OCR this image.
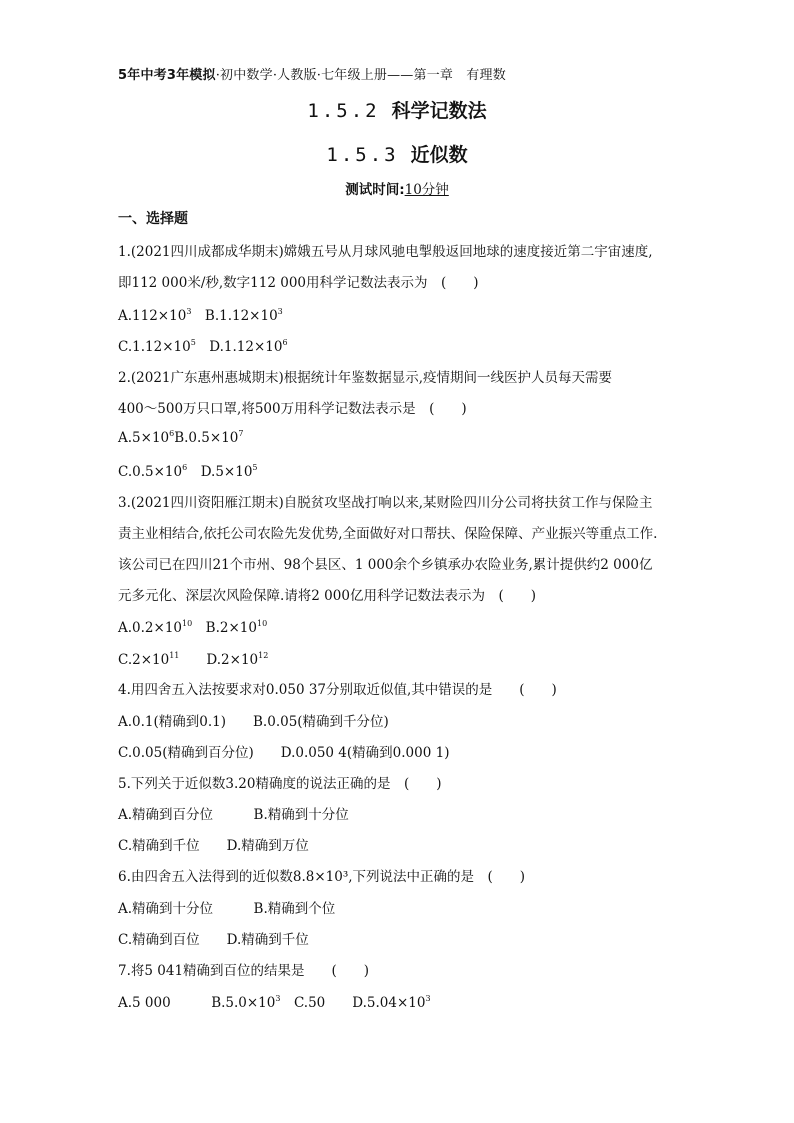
5年中考3年模拟·初中数学·人教版·七年级上册——第一章　有理数
1.5.2 科学记数法
1.5.3 近似数
测试时间:10分钟
一、选择题
1.(2021四川成都成华期末)嫦娥五号从月球风驰电掣般返回地球的速度接近第二宇宙速度,
即112 000米/秒,数字112 000用科学记数法表示为　(　　)
$A.112\times 10^3$　$B.1.12\times 10^3$
$C.1.12\times 10^5$　$D.1.12\times 10^6$
2.(2021广东惠州惠城期末)根据统计年鉴数据显示,疫情期间一线医护人员每天需要
400～500万只口罩,将500万用科学记数法表示是　(　　)
$A.5\times 10^6B.0.5\times 10^7$
$C.0.5\times 10^6$　$D.5\times 10^5$
3.(2021四川资阳雁江期末)自脱贫攻坚战打响以来,某财险四川分公司将扶贫工作与保险主
责主业相结合,依托公司农险先发优势,全面做好对口帮扶、保险保障、产业振兴等重点工作.
该公司已在四川21个市州、98个县区、1 000余个乡镇承办农险业务,累计提供约2 000亿
元多元化、深层次风险保障.请将2 000亿用科学记数法表示为　(　　)
$A.0.2\times 10^{10}$　$B.2\times 10^{10}$
$C.2\times 10^{11}$　　$D.2\times 10^{12}$
4.用四舍五入法按要求对0.050 37分别取近似值,其中错误的是　　(　　)
A.0.1(精确到0.1)　　B.0.05(精确到千分位)
C.0.05(精确到百分位)　　D.0.050 4(精确到0.000 1)
5.下列关于近似数3.20精确度的说法正确的是　(　　)
A.精确到百分位　　　B.精确到十分位
C.精确到千位　　D.精确到万位
6.由四舍五入法得到的近似数8.8×10³,下列说法中正确的是　(　　)
A.精确到十分位　　　B.精确到个位
C.精确到百位　　D.精确到千位
7.将5 041精确到百位的结果是　　(　　)
A.5 000　　　$B.5.0\times 10^3$　C.50　　$D.5.04\times 10^3$
